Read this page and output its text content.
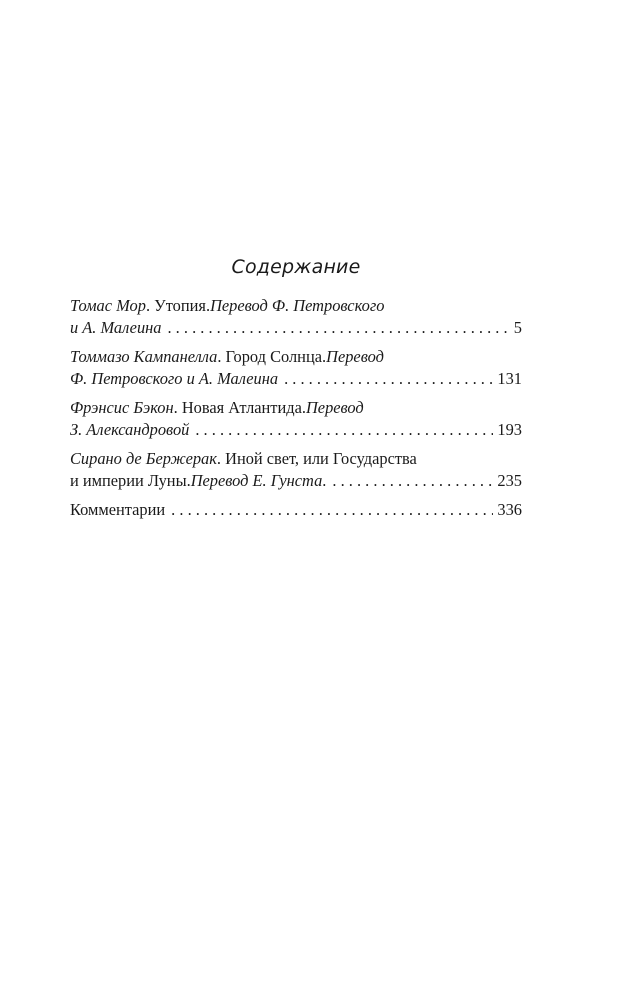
Содержание
Томас Мор . Утопия. Перевод Ф. Петровского
и А. Малеина . . .	5
Томмазо Кампанелла . Город Солнца. Перевод
Ф. Петровского и А. Малеина . . .	131
Фрэнсис Бэкон . Новая Атлантида. Перевод
З. Александровой . . .	193
Сирано де Бержерак . Иной свет, или Государства
и империи Луны. Перевод Е. Гунста . . . .	235
Комментарии . . .	336
